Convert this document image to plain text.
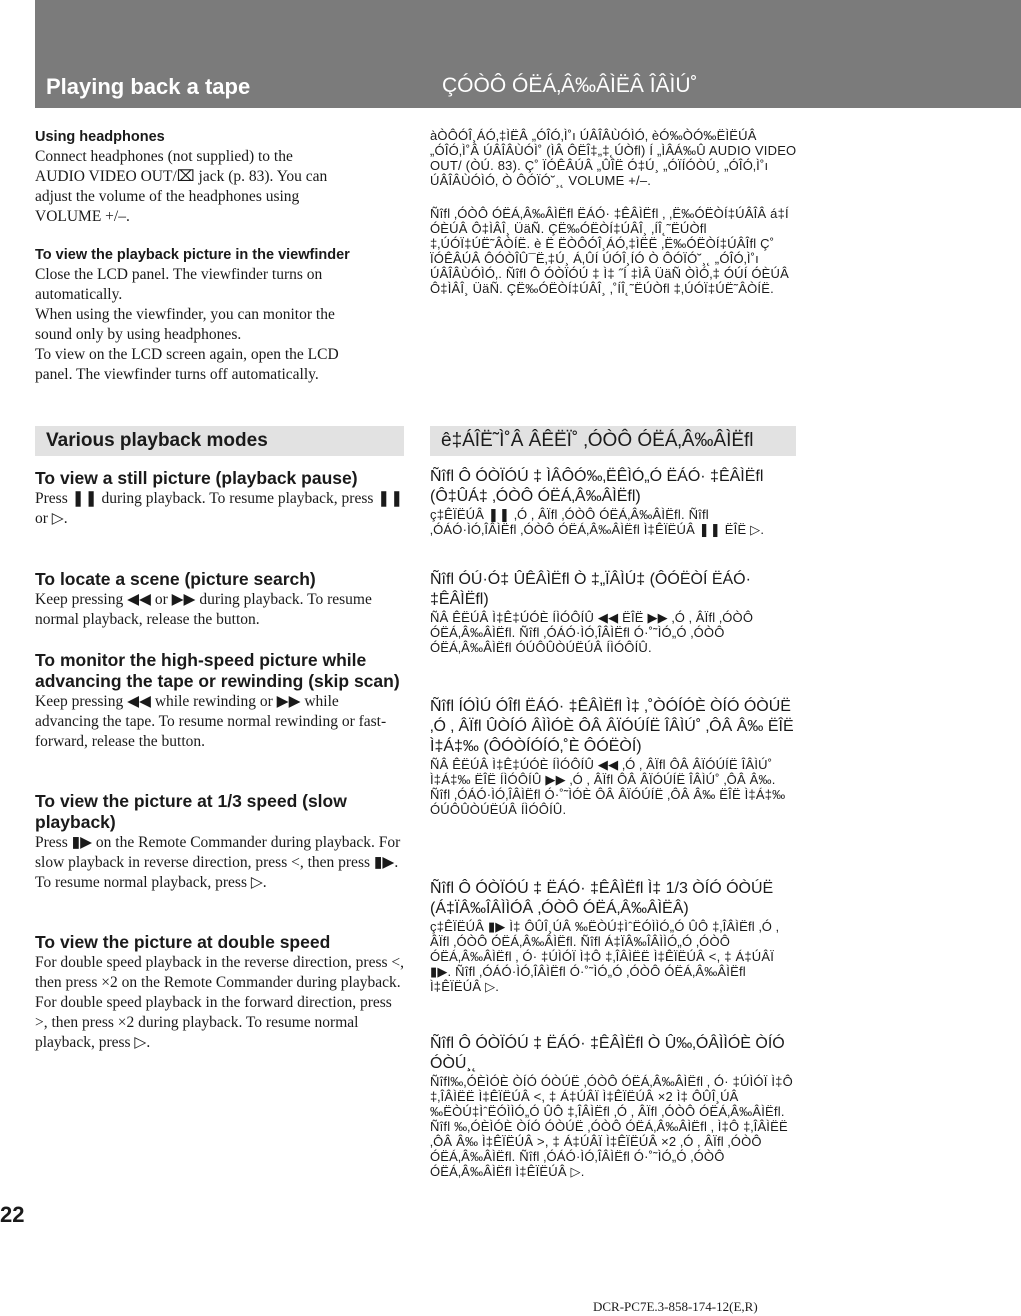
Playing back a tape	ÇÓÒÔ ÓËÁ‚Â‰ÂÌËÂ ÎÂÌÚ˚
Using headphones
Connect headphones (not supplied) to the
AUDIO VIDEO OUT/⌧ jack (p. 83). You can
adjust the volume of the headphones using
VOLUME +/–.
To view the playback picture in the viewfinder
Close the LCD panel. The viewfinder turns on
automatically.
When using the viewfinder, you can monitor the
sound only by using headphones.
To view on the LCD screen again, open the LCD
panel. The viewfinder turns off automatically.

àÒÔÓÎ¸ÁÓ‚‡ÌËÂ „ÓÎÓ‚Ì˚ı ÚÂÎÂÙÓÌÓ‚ èÓ‰ÒÓ‰ËÌËÚÂ „ÓÎÓ‚Ì˚Â ÚÂÎÂÙÓÌ˚ (ÌÂ ÔËÎ‡„‡˛ÚÒfl) Í „ÌÂÁ‰Û AUDIO VIDEO OUT/ (ÒÚ. 83). Ç˚ ÏÓÊÂÚÂ „ÛÎË Ó‡Ú¸ „ÓÏÍÓÒÚ¸ „ÓÎÓ‚Ì˚ı ÚÂÎÂÙÓÌÓ‚ Ò ÔÓÏÓ˘¸˛ VOLUME +/–.

Ñîfl ‚ÓÒÔ ÓËÁ‚Â‰ÂÌËfl ËÁÓ· ‡ÊÂÌËfl ‚ ‚Ë‰ÓËÒÍ‡ÚÂÎÂ á‡Í ÓÈÚÂ Ô‡ÌÂÎ¸ ÜäÑ. ÇË‰ÓËÒÍ‡ÚÂÎ¸ ‚ÍÎ˛˜ËÚÒfl ‡‚ÚÓÏ‡ÚË˜ÂÒÍË. è Ë ËÒÔÓÎ¸ÁÓ‚‡ÌËË ‚Ë‰ÓËÒÍ‡ÚÂÎfl Ç˚ ÏÓÊÂÚÂ ÔÓÒÎÛ¯Ë‚‡Ú¸ Á‚ÛÍ ÚÓÎ¸ÍÓ Ò ÔÓÏÓ˘¸˛ „ÓÎÓ‚Ì˚ı ÚÂÎÂÙÓÌÓ‚. Ñîfl Ô ÓÒÏÓÚ ‡ Ì‡ ˝Í ‡ÌÂ ÜäÑ ÒÌÓ‚‡ ÓÚÍ ÓÈÚÂ Ô‡ÌÂÎ¸ ÜäÑ. ÇË‰ÓËÒÍ‡ÚÂÎ¸ ‚˚ÍÎ˛˜ËÚÒfl ‡‚ÚÓÏ‡ÚË˜ÂÒÍË.

Various playback modes	ê‡ÁÎË˜Ì˚Â ÂÊËÏ˚ ‚ÓÒÔ ÓËÁ‚Â‰ÂÌËfl
To view a still picture (playback pause)

Press ❚❚ during playback. To resume playback, press ❚❚ or ▷.

To locate a scene (picture search)

Keep pressing ◀◀ or ▶▶ during playback. To resume normal playback, release the button.

To monitor the high-speed picture while advancing the tape or rewinding (skip scan)

Keep pressing ◀◀ while rewinding or ▶▶ while advancing the tape. To resume normal rewinding or fast-forward, release the button.

To view the picture at 1/3 speed (slow playback)

Press ▮▶ on the Remote Commander during playback. For slow playback in reverse direction, press <, then press ▮▶. To resume normal playback, press ▷.

To view the picture at double speed

For double speed playback in the reverse direction, press <, then press ×2 on the Remote Commander during playback. For double speed playback in the forward direction, press >, then press ×2 during playback. To resume normal playback, press ▷.

Ñîfl Ô ÓÒÏÓÚ ‡ ÌÂÔÓ‰‚ËÊÌÓ„Ó ËÁÓ· ‡ÊÂÌËfl (Ô‡ÛÁ‡ ‚ÓÒÔ ÓËÁ‚Â‰ÂÌËfl)

ç‡ÊÏËÚÂ ❚❚ ‚Ó ‚ ÂÏfl ‚ÓÒÔ ÓËÁ‚Â‰ÂÌËfl. Ñîfl ‚ÓÁÓ·ÌÓ‚ÎÂÌËfl ‚ÓÒÔ ÓËÁ‚Â‰ÂÌËfl Ì‡ÊÏËÚÂ ❚❚ ËÎË ▷.

Ñîfl ÓÚ·Ó‡ ÛÊÂÌËfl Ò ‡„ÏÂÌÚ‡ (ÔÓËÒÍ ËÁÓ· ‡ÊÂÌËfl)

ÑÂ ÊËÚÂ Ì‡Ê‡ÚÓÈ ÍÌÓÔÍÛ ◀◀ ËÎË ▶▶ ‚Ó ‚ ÂÏfl ‚ÓÒÔ ÓËÁ‚Â‰ÂÌËfl. Ñîfl ‚ÓÁÓ·ÌÓ‚ÎÂÌËfl Ó·˚˜ÌÓ„Ó ‚ÓÒÔ ÓËÁ‚Â‰ÂÌËfl ÓÚÔÛÒÚËÚÂ ÍÌÓÔÍÛ.

Ñîfl ÍÓÌÚ ÓÎfl ËÁÓ· ‡ÊÂÌËfl Ì‡ ‚˚ÒÓÍÓÈ ÒÍÓ ÓÒÚË ‚Ó ‚ ÂÏfl ÛÒÍÓ ÂÌÌÓÈ ÔÂ ÂÏÓÚÍË ÎÂÌÚ˚ ‚ÔÂ Â‰ ËÎË Ì‡Á‡‰ (ÔÓÒÍÓÍÓ‚˚È ÔÓËÒÍ)

ÑÂ ÊËÚÂ Ì‡Ê‡ÚÓÈ ÍÌÓÔÍÛ ◀◀ ‚Ó ‚ ÂÏfl ÔÂ ÂÏÓÚÍË ÎÂÌÚ˚ Ì‡Á‡‰ ËÎË ÍÌÓÔÍÛ ▶▶ ‚Ó ‚ ÂÏfl ÔÂ ÂÏÓÚÍË ÎÂÌÚ˚ ‚ÔÂ Â‰. Ñîfl ‚ÓÁÓ·ÌÓ‚ÎÂÌËfl Ó·˚˜ÌÓÈ ÔÂ ÂÏÓÚÍË ‚ÔÂ Â‰ ËÎË Ì‡Á‡‰ ÓÚÔÛÒÚËÚÂ ÍÌÓÔÍÛ.

Ñîfl Ô ÓÒÏÓÚ ‡ ËÁÓ· ‡ÊÂÌËfl Ì‡ 1/3 ÒÍÓ ÓÒÚË (Á‡ÏÂ‰ÎÂÌÌÓÂ ‚ÓÒÔ ÓËÁ‚Â‰ÂÌËÂ)

ç‡ÊÏËÚÂ ▮▶ Ì‡ ÔÛÎ¸ÚÂ ‰ËÒÚ‡ÌˆËÓÌÌÓ„Ó ÛÔ ‡‚ÎÂÌËfl ‚Ó ‚ ÂÏfl ‚ÓÒÔ ÓËÁ‚Â‰ÂÌËfl. Ñîfl Á‡ÏÂ‰ÎÂÌÌÓ„Ó ‚ÓÒÔ ÓËÁ‚Â‰ÂÌËfl ‚ Ó· ‡ÚÌÓÏ Ì‡Ô ‡‚ÎÂÌËË Ì‡ÊÏËÚÂ <, ‡ Á‡ÚÂÏ ▮▶. Ñîfl ‚ÓÁÓ·ÌÓ‚ÎÂÌËfl Ó·˚˜ÌÓ„Ó ‚ÓÒÔ ÓËÁ‚Â‰ÂÌËfl Ì‡ÊÏËÚÂ ▷.

Ñîfl Ô ÓÒÏÓÚ ‡ ËÁÓ· ‡ÊÂÌËfl Ò Û‰‚ÓÂÌÌÓÈ ÒÍÓ ÓÒÚ¸˛

Ñîfl‰‚ÓÈÌÓÈ ÒÍÓ ÓÒÚË ‚ÓÒÔ ÓËÁ‚Â‰ÂÌËfl ‚ Ó· ‡ÚÌÓÏ Ì‡Ô ‡‚ÎÂÌËË Ì‡ÊÏËÚÂ <, ‡ Á‡ÚÂÏ Ì‡ÊÏËÚÂ ×2 Ì‡ ÔÛÎ¸ÚÂ ‰ËÒÚ‡ÌˆËÓÌÌÓ„Ó ÛÔ ‡‚ÎÂÌËfl ‚Ó ‚ ÂÏfl ‚ÓÒÔ ÓËÁ‚Â‰ÂÌËfl. Ñîfl ‰‚ÓÈÌÓÈ ÒÍÓ ÓÒÚË ‚ÓÒÔ ÓËÁ‚Â‰ÂÌËfl ‚ Ì‡Ô ‡‚ÎÂÌËË ‚ÔÂ Â‰ Ì‡ÊÏËÚÂ >, ‡ Á‡ÚÂÏ Ì‡ÊÏËÚÂ ×2 ‚Ó ‚ ÂÏfl ‚ÓÒÔ ÓËÁ‚Â‰ÂÌËfl. Ñîfl ‚ÓÁÓ·ÌÓ‚ÎÂÌËfl Ó·˚˜ÌÓ„Ó ‚ÓÒÔ ÓËÁ‚Â‰ÂÌËfl Ì‡ÊÏËÚÂ ▷.

22
DCR-PC7E.3-858-174-12(E,R)
